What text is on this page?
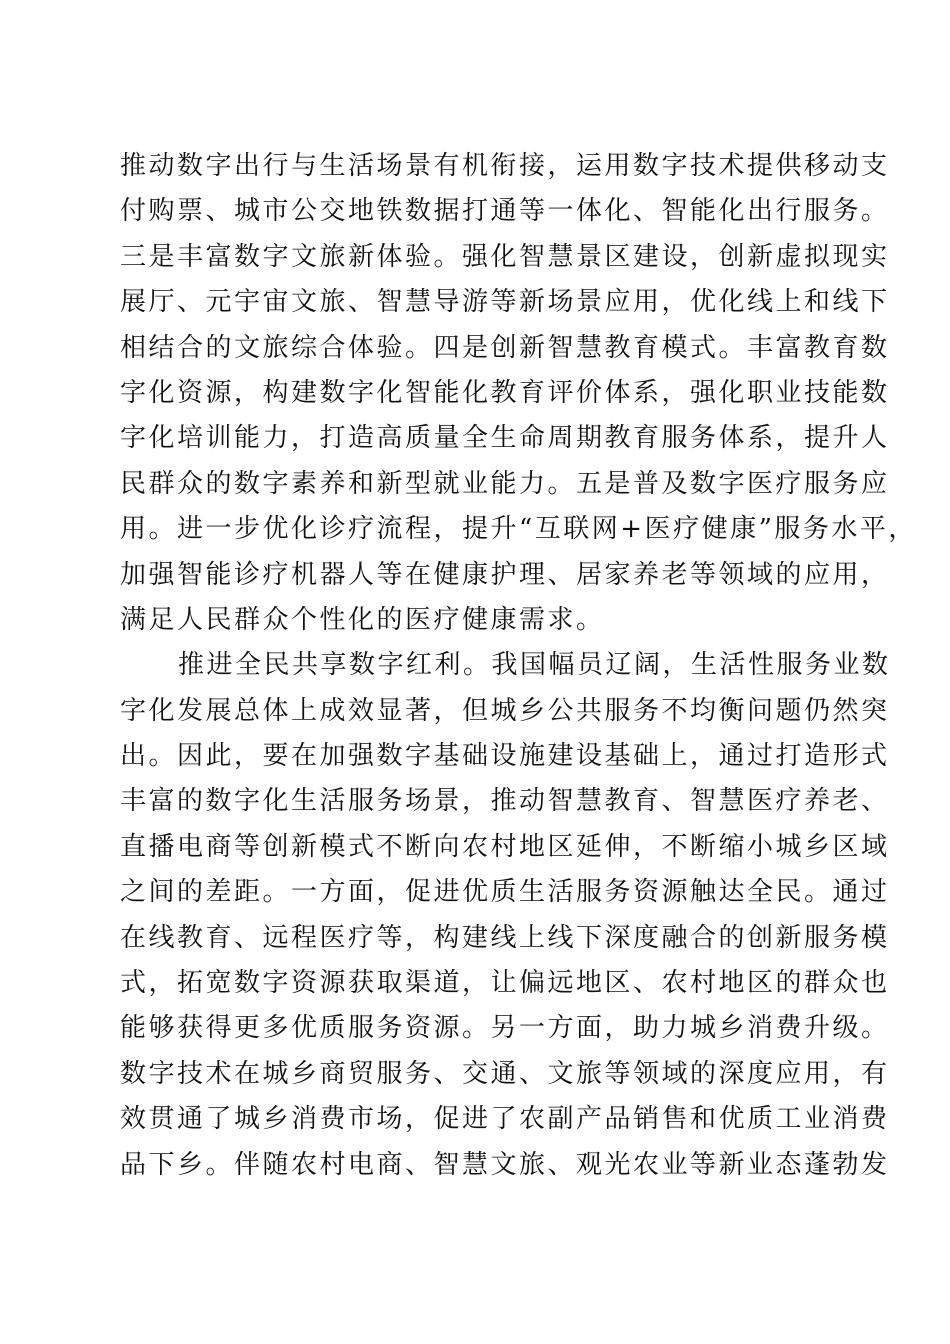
推动数字出行与生活场景有机衔接，运用数字技术提供移动支
付购票、城市公交地铁数据打通等一体化、智能化出行服务。
三是丰富数字文旅新体验。强化智慧景区建设，创新虚拟现实
展厅、元宇宙文旅、智慧导游等新场景应用，优化线上和线下
相结合的文旅综合体验。四是创新智慧教育模式。丰富教育数
字化资源，构建数字化智能化教育评价体系，强化职业技能数
字化培训能力，打造高质量全生命周期教育服务体系，提升人
民群众的数字素养和新型就业能力。五是普及数字医疗服务应
用。进一步优化诊疗流程，提升“互联网+医疗健康”服务水平，
加强智能诊疗机器人等在健康护理、居家养老等领域的应用，
满足人民群众个性化的医疗健康需求。
推进全民共享数字红利。我国幅员辽阔，生活性服务业数
字化发展总体上成效显著，但城乡公共服务不均衡问题仍然突
出。因此，要在加强数字基础设施建设基础上，通过打造形式
丰富的数字化生活服务场景，推动智慧教育、智慧医疗养老、
直播电商等创新模式不断向农村地区延伸，不断缩小城乡区域
之间的差距。一方面，促进优质生活服务资源触达全民。通过
在线教育、远程医疗等，构建线上线下深度融合的创新服务模
式，拓宽数字资源获取渠道，让偏远地区、农村地区的群众也
能够获得更多优质服务资源。另一方面，助力城乡消费升级。
数字技术在城乡商贸服务、交通、文旅等领域的深度应用，有
效贯通了城乡消费市场，促进了农副产品销售和优质工业消费
品下乡。伴随农村电商、智慧文旅、观光农业等新业态蓬勃发
